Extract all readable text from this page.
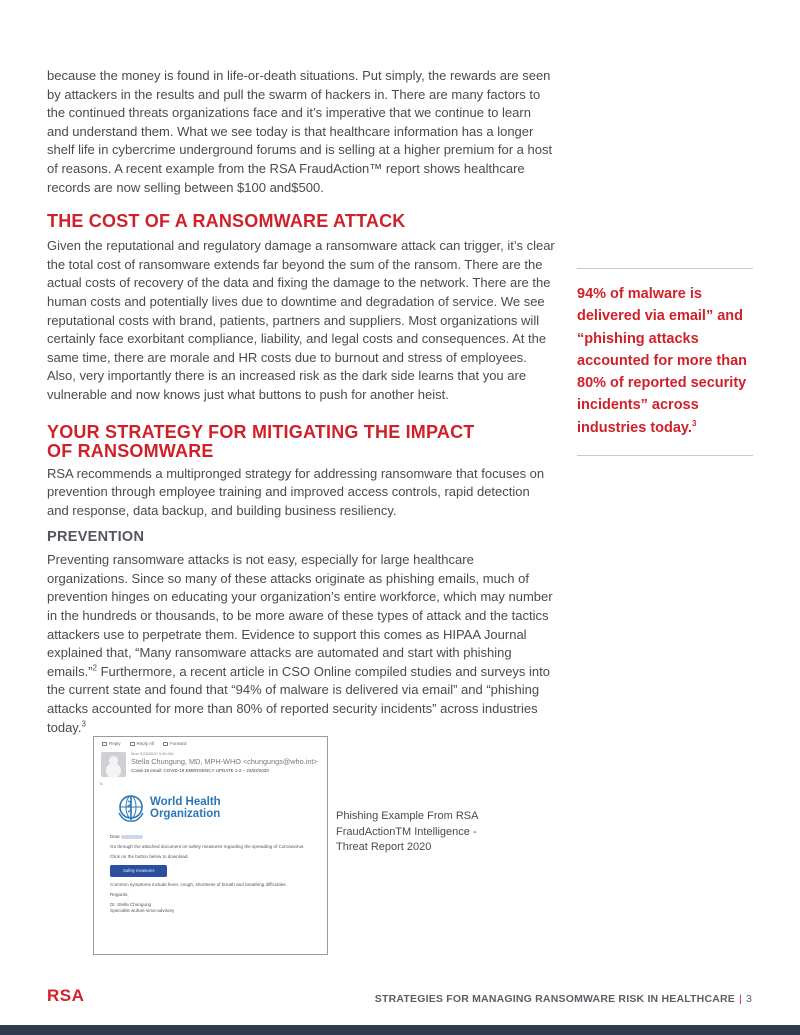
because the money is found in life-or-death situations. Put simply, the rewards are seen by attackers in the results and pull the swarm of hackers in. There are many factors to the continued threats organizations face and it’s imperative that we continue to learn and understand them. What we see today is that healthcare information has a longer shelf life in cybercrime underground forums and is selling at a higher premium for a host of reasons. A recent example from the RSA FraudAction™ report shows healthcare records are now selling between $100 and$500.

THE COST OF A RANSOMWARE ATTACK

Given the reputational and regulatory damage a ransomware attack can trigger, it’s clear the total cost of ransomware extends far beyond the sum of the ransom. There are the actual costs of recovery of the data and fixing the damage to the network. There are the human costs and potentially lives due to downtime and degradation of service. We see reputational costs with brand, patients, partners and suppliers. Most organizations will certainly face exorbitant compliance, liability, and legal costs and consequences. At the same time, there are morale and HR costs due to burnout and stress of employees. Also, very importantly there is an increased risk as the dark side learns that you are vulnerable and now knows just what buttons to push for another heist.

YOUR STRATEGY FOR MITIGATING THE IMPACT OF RANSOMWARE

RSA recommends a multipronged strategy for addressing ransomware that focuses on prevention through employee training and improved access controls, rapid detection and response, data backup, and building business resiliency.

PREVENTION

Preventing ransomware attacks is not easy, especially for large healthcare organizations. Since so many of these attacks originate as phishing emails, much of prevention hinges on educating your organization’s entire workforce, which may number in the hundreds or thousands, to be more aware of these types of attack and the tactics attackers use to perpetrate them. Evidence to support this comes as HIPAA Journal explained that, “Many ransomware attacks are automated and start with phishing emails.”$^2$ Furthermore, a recent article in CSO Online compiled studies and surveys into the current state and found that “94% of malware is delivered via email” and “phishing attacks accounted for more than 80% of reported security incidents” across industries today.$^3$

94% of malware is delivered via email” and “phishing attacks accounted for more than 80% of reported security incidents” across industries today.$^3$

Reply	Reply All	Forward
Mon 3/23/2020 9:46 AM
Stella Chungung, MD, MPH-WHO <chungungs@who.int>
Covid-19 email: COVID-19 EMERGENCY UPDATE 1-2 – 23/03/2020
To
World Health
Organization

Dear

Go through the attached document on safety measures regarding the spreading of Coronavirus.

Click on the button below to download.

Safety measures

Common symptoms include fever, cough, shortness of breath and breathing difficulties.

Regards,

Dr. Stella Chungung
Specialist wuhan-virus-advisory

Phishing Example From RSA FraudActionTM Intelligence - Threat Report 2020

RSA	STRATEGIES FOR MANAGING RANSOMWARE RISK IN HEALTHCARE | 3
